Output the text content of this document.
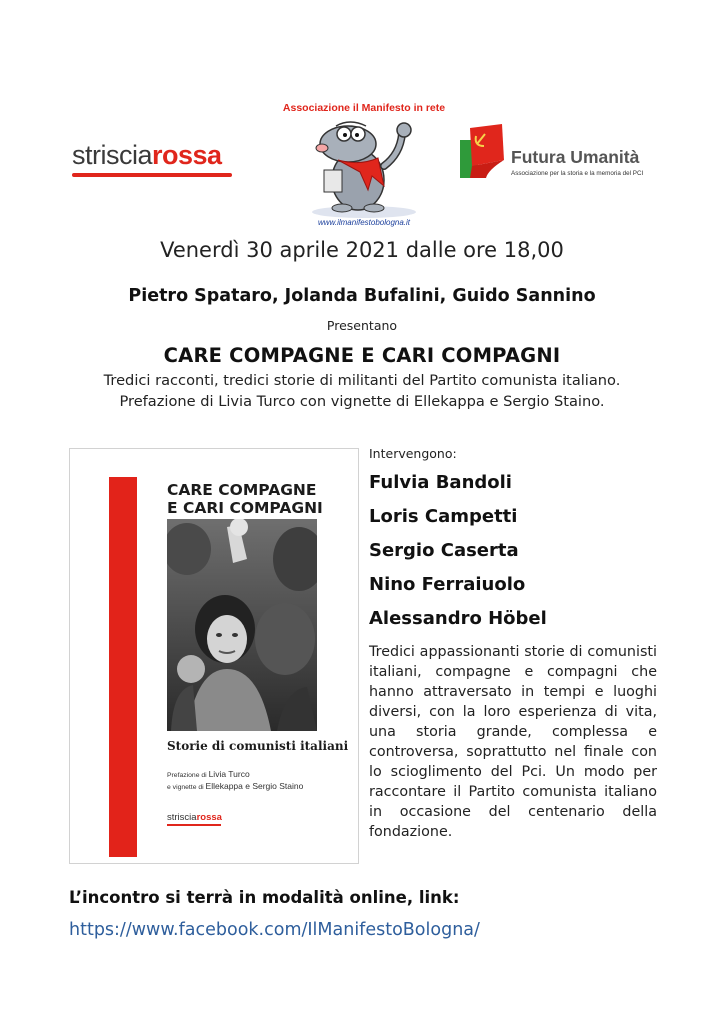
strisciarossa
Associazione il Manifesto in rete
www.ilmanifestobologna.it
Futura Umanità
Associazione per la storia e la memoria del PCI
Venerdì 30 aprile 2021 dalle ore 18,00
Pietro Spataro, Jolanda Bufalini, Guido Sannino
Presentano
CARE COMPAGNE E CARI COMPAGNI
Tredici racconti, tredici storie di militanti del Partito comunista italiano.
Prefazione di Livia Turco con vignette di Ellekappa e Sergio Staino.
CARE COMPAGNE
E CARI COMPAGNI
Storie di comunisti italiani
Prefazione di Livia Turco
e vignette di Ellekappa e Sergio Staino
strisciarossa
Intervengono:
Fulvia Bandoli
Loris Campetti
Sergio Caserta
Nino Ferraiuolo
Alessandro Höbel
Tredici appassionanti storie di comunisti italiani, compagne e compagni che hanno attraversato in tempi e luoghi diversi, con la loro esperienza di vita, una storia grande, complessa e controversa, soprattutto nel finale con lo scioglimento del Pci. Un modo per raccontare il Partito comunista italiano in occasione del centenario della fondazione.
L’incontro si terrà in modalità online, link:
https://www.facebook.com/IlManifestoBologna/
